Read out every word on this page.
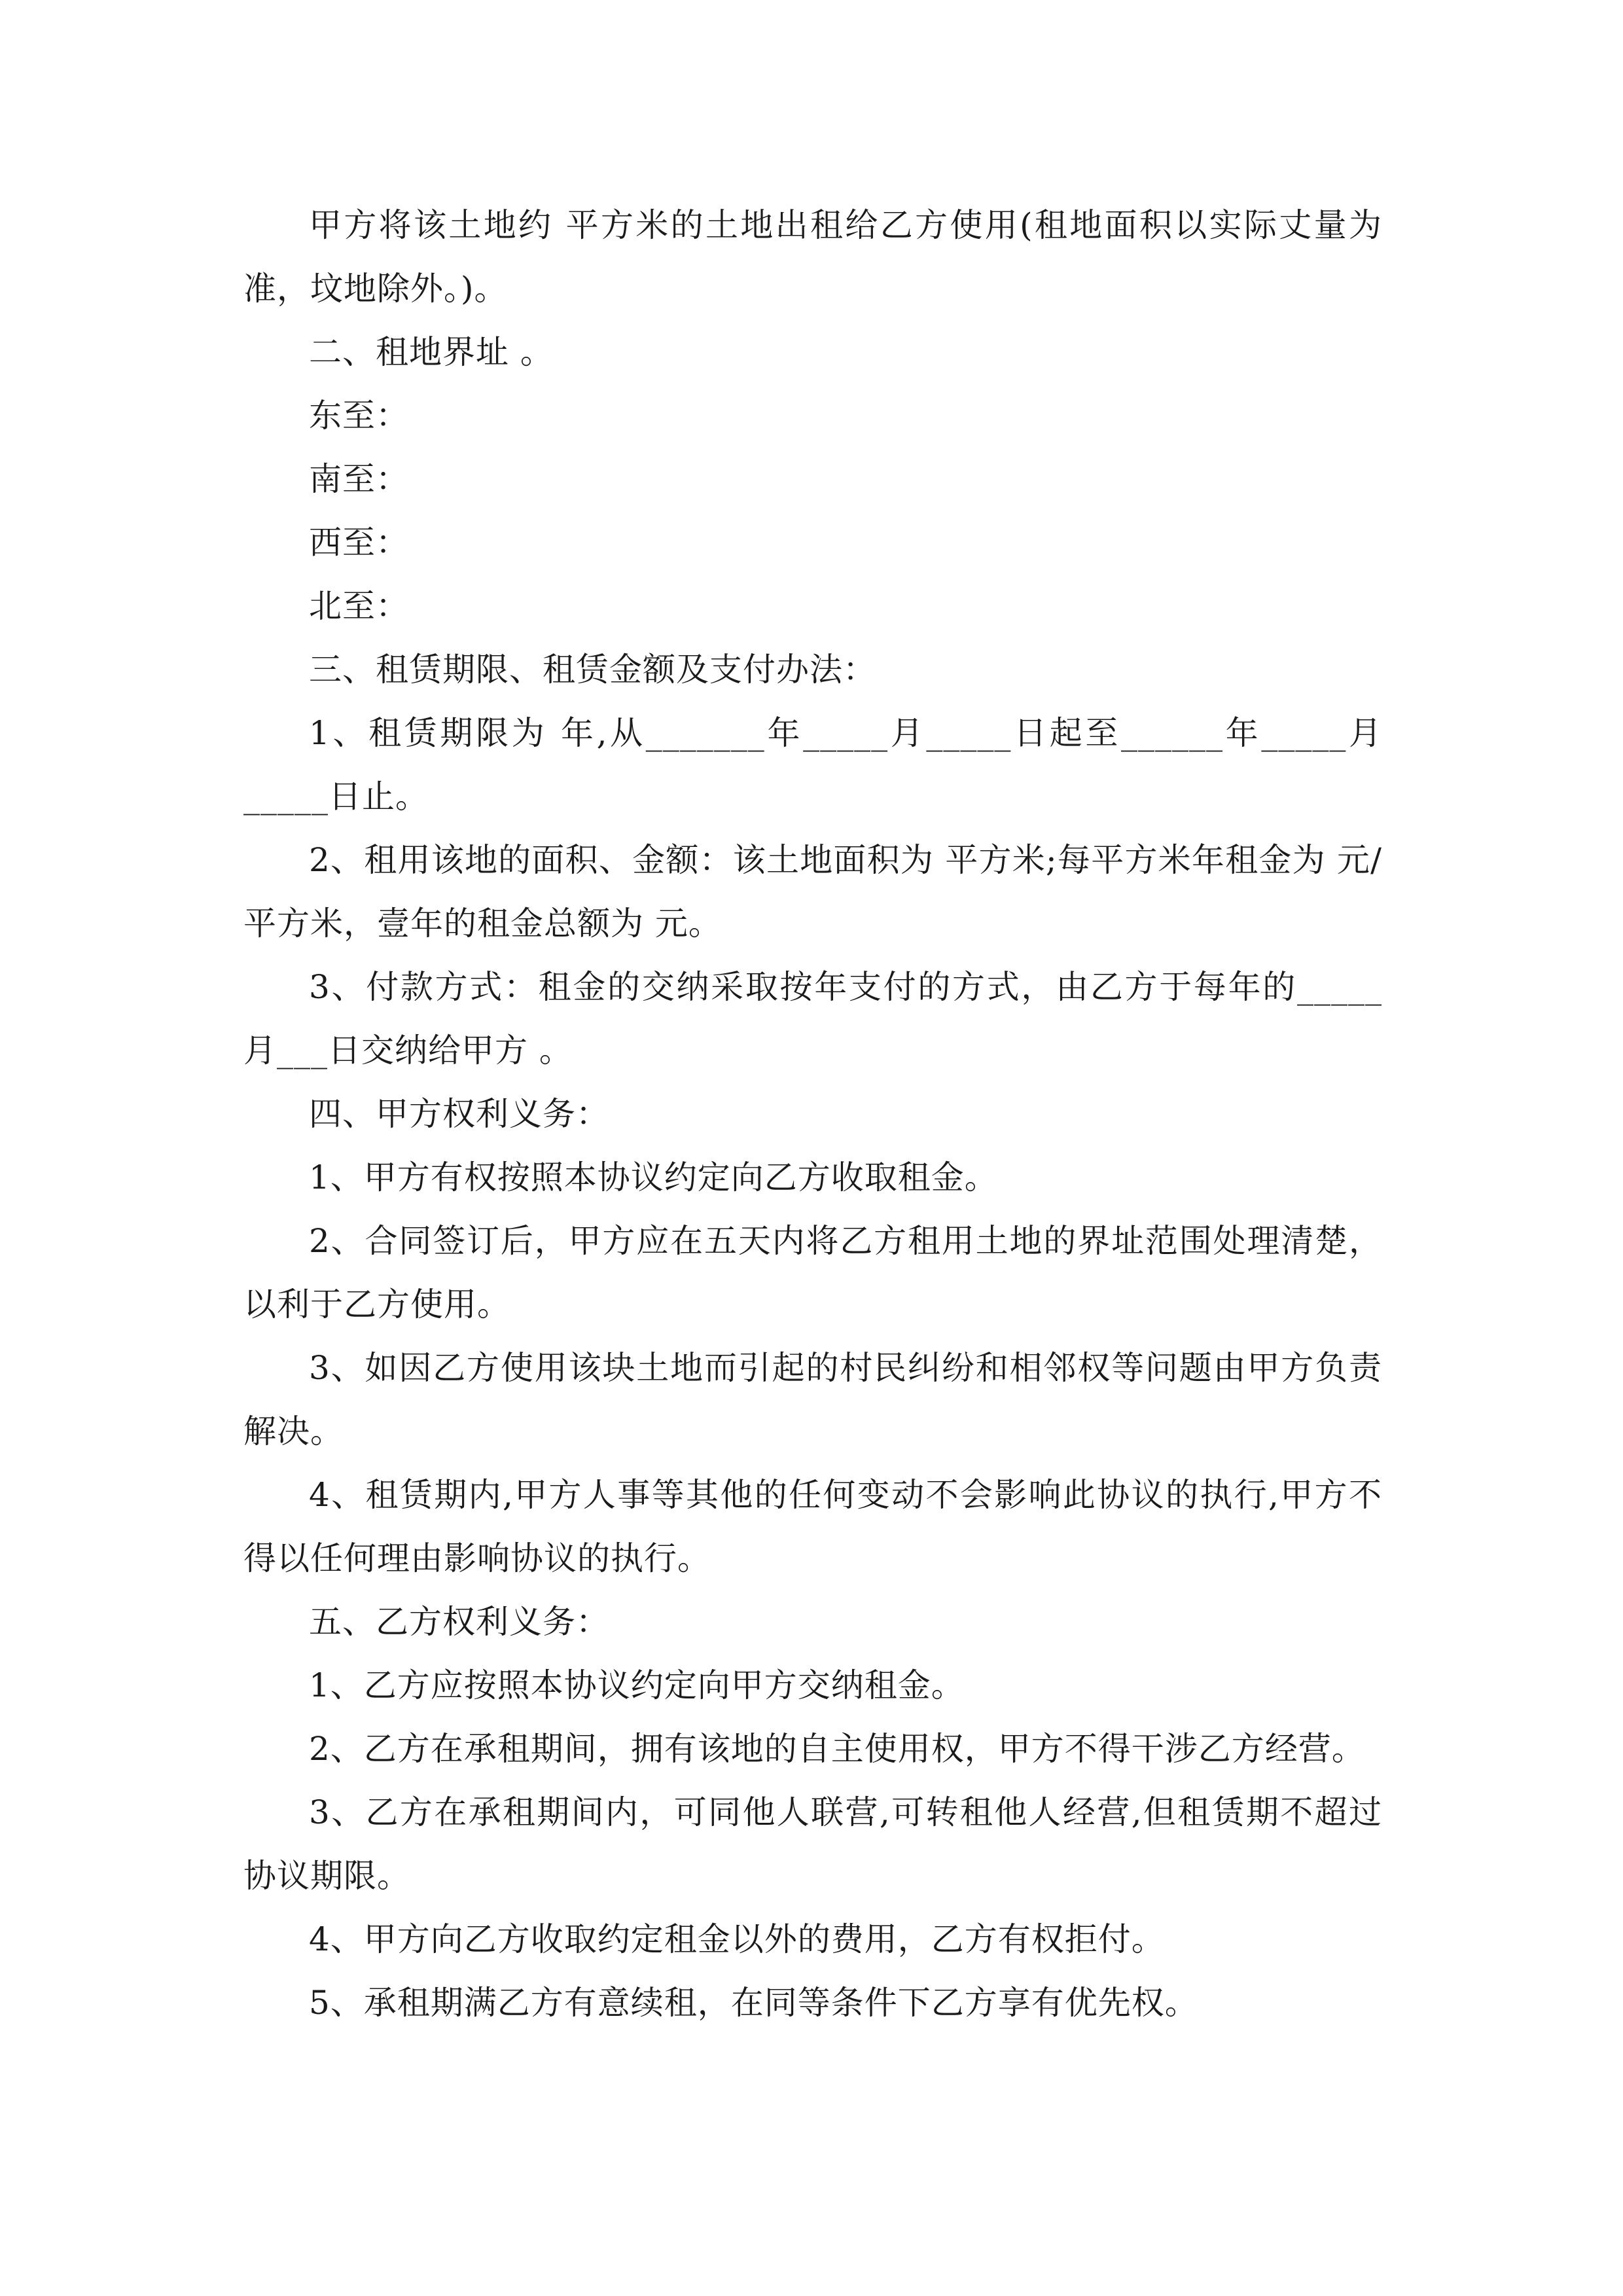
甲方将该土地约 平方米的土地出租给乙方使用(租地面积以实际丈量为准，坟地除外。)。

二、租地界址 。

东至：

南至：

西至：

北至：

三、租赁期限、租赁金额及支付办法：

1、租赁期限为 年,从_______年_____月_____日起至______年_____月_____日止。

2、租用该地的面积、金额：该土地面积为 平方米;每平方米年租金为 元/平方米，壹年的租金总额为 元。

3、付款方式：租金的交纳采取按年支付的方式，由乙方于每年的_____月___日交纳给甲方 。

四、甲方权利义务：

1、甲方有权按照本协议约定向乙方收取租金。

2、合同签订后，甲方应在五天内将乙方租用土地的界址范围处理清楚，以利于乙方使用。

3、如因乙方使用该块土地而引起的村民纠纷和相邻权等问题由甲方负责解决。

4、租赁期内,甲方人事等其他的任何变动不会影响此协议的执行,甲方不得以任何理由影响协议的执行。

五、乙方权利义务：

1、乙方应按照本协议约定向甲方交纳租金。

2、乙方在承租期间，拥有该地的自主使用权，甲方不得干涉乙方经营。

3、乙方在承租期间内，可同他人联营,可转租他人经营,但租赁期不超过协议期限。

4、甲方向乙方收取约定租金以外的费用，乙方有权拒付。

5、承租期满乙方有意续租，在同等条件下乙方享有优先权。
